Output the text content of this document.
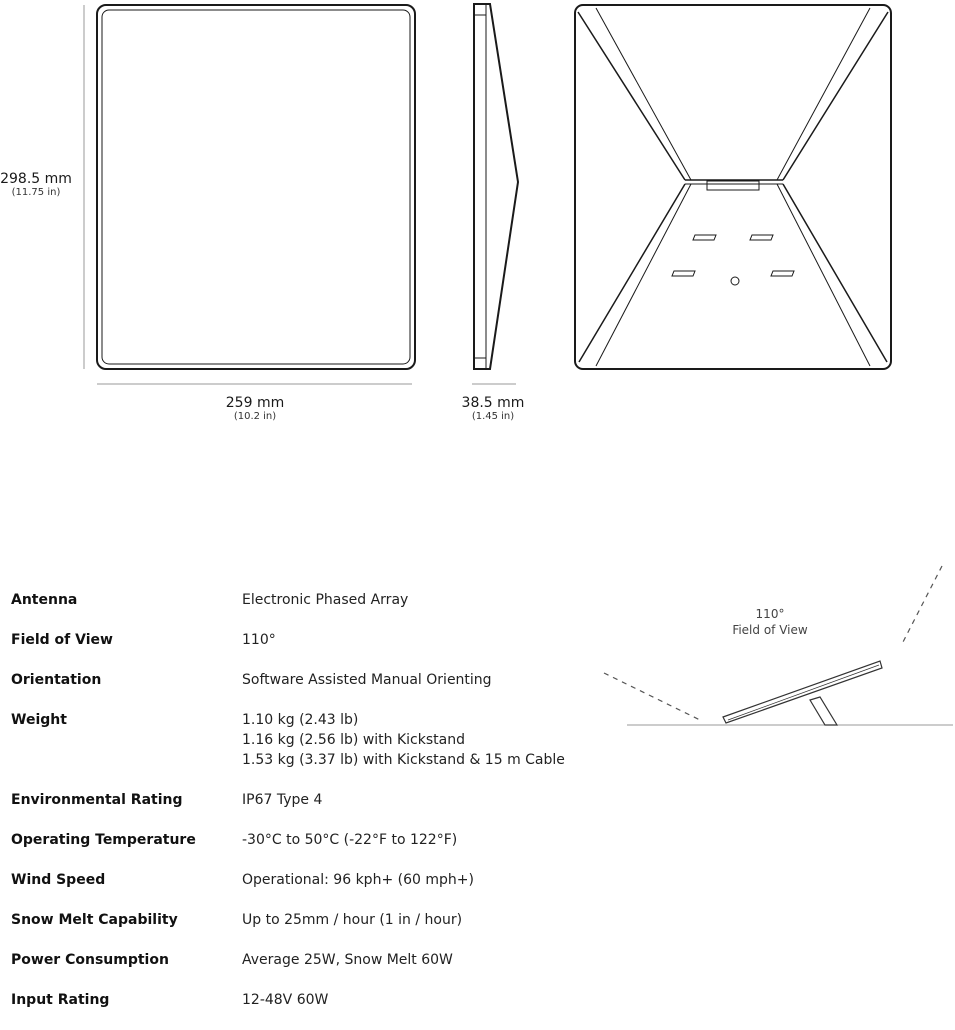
298.5 mm
(11.75 in)
259 mm
(10.2 in)
38.5 mm
(1.45 in)
Antenna	Electronic Phased Array
Field of View	110°
Orientation	Software Assisted Manual Orienting
Weight	1.10 kg (2.43 lb)
1.16 kg (2.56 lb) with Kickstand
1.53 kg (3.37 lb) with Kickstand & 15 m Cable
Environmental Rating	IP67 Type 4
Operating Temperature	-30°C to 50°C (-22°F to 122°F)
Wind Speed	Operational: 96 kph+ (60 mph+)
Snow Melt Capability	Up to 25mm / hour (1 in / hour)
Power Consumption	Average 25W, Snow Melt 60W
Input Rating	12-48V 60W
110°
Field of View
